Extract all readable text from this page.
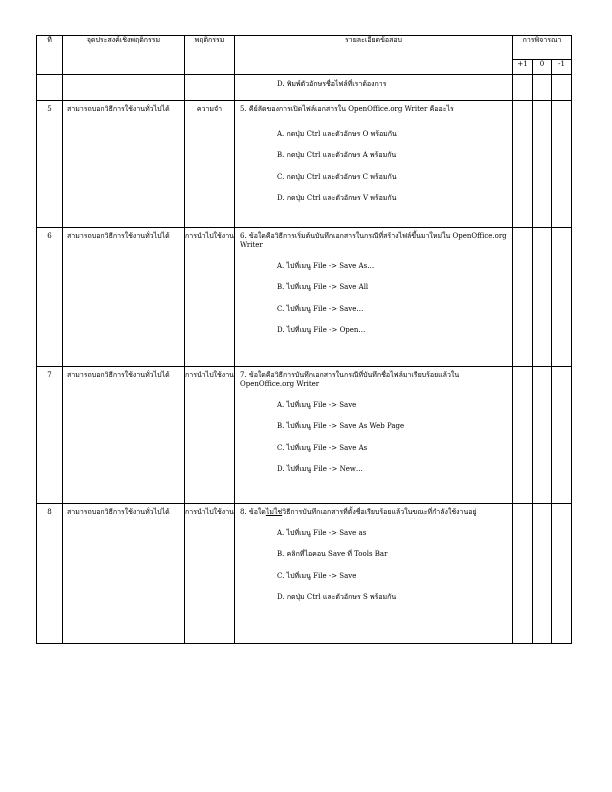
ที่	จุดประสงค์เชิงพฤติกรรม	พฤติกรรม	รายละเอียดข้อสอบ	การพิจารณา		
				+1	0	-1

			D. พิมพ์ตัวอักษรชื่อไฟล์ที่เราต้องการ			

5	สามารถบอกวิธีการใช้งานทั่วไปได้	ความจำ	5. คีย์ลัดของการเปิดไฟล์เอกสารใน OpenOffice.org Writer คืออะไร
A. กดปุ่ม Ctrl และตัวอักษร O พร้อมกัน
B. กดปุ่ม Ctrl และตัวอักษร A พร้อมกัน
C. กดปุ่ม Ctrl และตัวอักษร C พร้อมกัน
D. กดปุ่ม Ctrl และตัวอักษร V พร้อมกัน			

6	สามารถบอกวิธีการใช้งานทั่วไปได้	การนำไปใช้งาน	6. ข้อใดคือวิธีการเริ่มต้นบันทึกเอกสารในกรณีที่สร้างไฟล์ขึ้นมาใหม่ใน OpenOffice.org Writer
A. ไปที่เมนู File -> Save As…
B. ไปที่เมนู File -> Save All
C. ไปที่เมนู File -> Save…
D. ไปที่เมนู File -> Open…			

7	สามารถบอกวิธีการใช้งานทั่วไปได้	การนำไปใช้งาน	7. ข้อใดคือวิธีการบันทึกเอกสารในกรณีที่บันทึกชื่อไฟล์มาเรียบร้อยแล้วใน OpenOffice.org Writer
A. ไปที่เมนู File -> Save
B. ไปที่เมนู File -> Save As Web Page
C. ไปที่เมนู File -> Save As
D. ไปที่เมนู File -> New…			

8	สามารถบอกวิธีการใช้งานทั่วไปได้	การนำไปใช้งาน	8. ข้อใดไม่ใช่วิธีการบันทึกเอกสารที่ตั้งชื่อเรียบร้อยแล้วในขณะที่กำลังใช้งานอยู่
A. ไปที่เมนู File -> Save as
B. คลิกที่ไอคอน Save ที่ Tools Bar
C. ไปที่เมนู File -> Save
D. กดปุ่ม Ctrl และตัวอักษร S พร้อมกัน			
